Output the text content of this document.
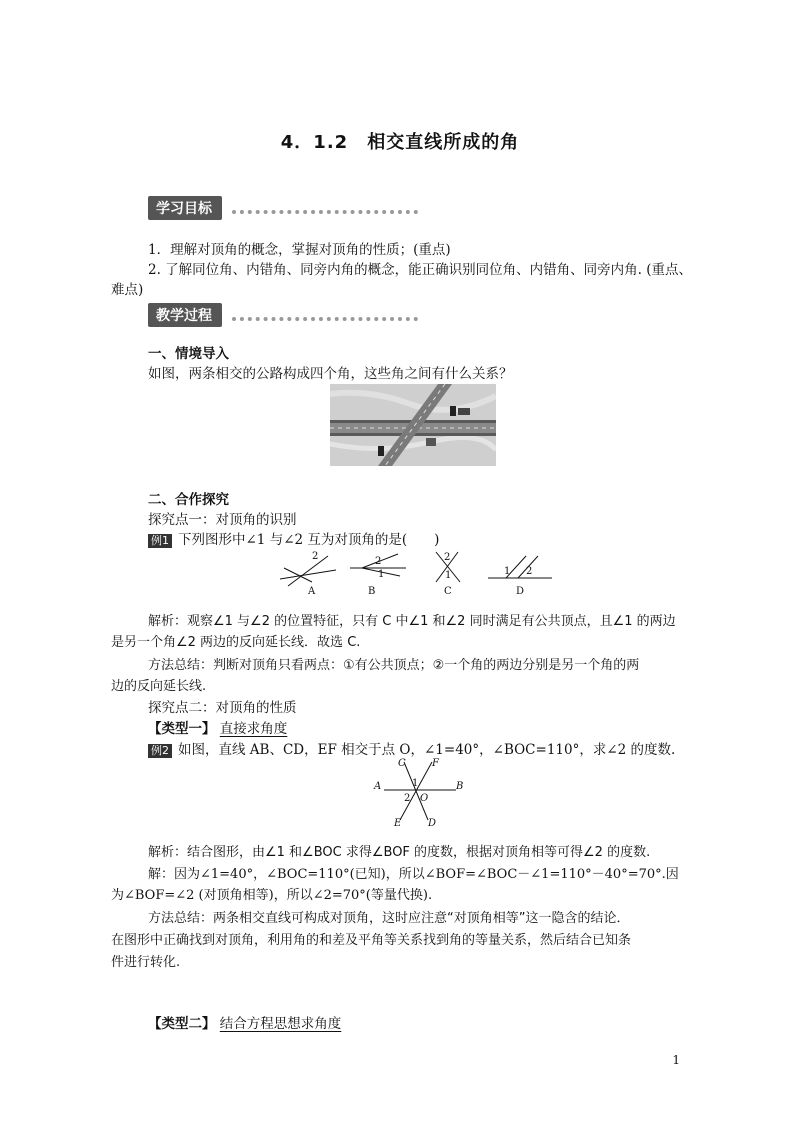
4．1.2　相交直线所成的角
学习目标
1．理解对顶角的概念，掌握对顶角的性质；(重点)
2. 了解同位角、内错角、同旁内角的概念，能正确识别同位角、内错角、同旁内角. (重点、
难点)
教学过程
一、情境导入
如图，两条相交的公路构成四个角，这些角之间有什么关系？
二、合作探究
探究点一：对顶角的识别
例1 下列图形中∠1 与∠2 互为对顶角的是(　　)
2
A
2
1
B
2
1
C
1 2
D
解析：观察∠1 与∠2 的位置特征，只有 C 中∠1 和∠2 同时满足有公共顶点，且∠1 的两边
是另一个角∠2 两边的反向延长线．故选 C.
方法总结：判断对顶角只看两点：①有公共顶点；②一个角的两边分别是另一个角的两
边的反向延长线.
探究点二：对顶角的性质
【类型一】 直接求角度
例2 如图，直线 AB、CD，EF 相交于点 O，∠1=40°，∠BOC=110°，求∠2 的度数.
C	F
A	B
O
1
2
E	D
解析：结合图形，由∠1 和∠BOC 求得∠BOF 的度数，根据对顶角相等可得∠2 的度数.
解：因为∠1=40°，∠BOC=110°(已知)，所以∠BOF=∠BOC－∠1=110°－40°=70°.因
为∠BOF=∠2 (对顶角相等)，所以∠2=70°(等量代换).
方法总结：两条相交直线可构成对顶角，这时应注意“对顶角相等”这一隐含的结论．
在图形中正确找到对顶角，利用角的和差及平角等关系找到角的等量关系，然后结合已知条
件进行转化.
【类型二】 结合方程思想求角度
1
